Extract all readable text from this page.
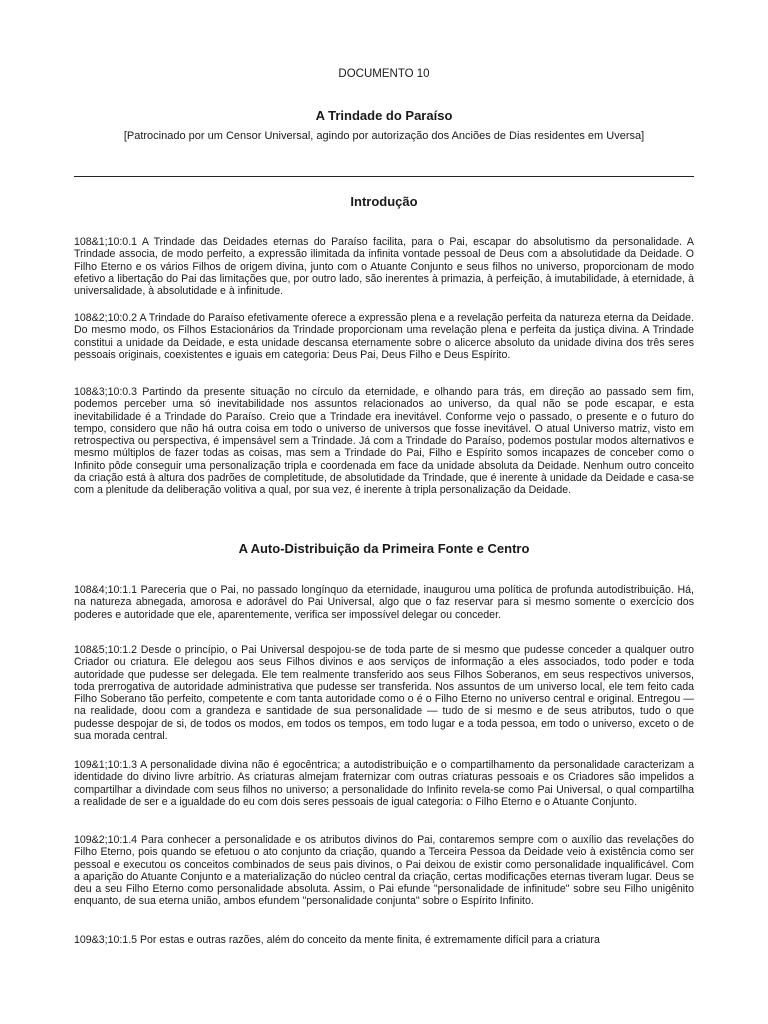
DOCUMENTO 10
A Trindade do Paraíso
[Patrocinado por um Censor Universal, agindo por autorização dos Anciões de Dias residentes em Uversa]
Introdução

108&1;10:0.1 A Trindade das Deidades eternas do Paraíso facilita, para o Pai, escapar do absolutismo da personalidade. A Trindade associa, de modo perfeito, a expressão ilimitada da infinita vontade pessoal de Deus com a absolutidade da Deidade. O Filho Eterno e os vários Filhos de origem divina, junto com o Atuante Conjunto e seus filhos no universo, proporcionam de modo efetivo a libertação do Pai das limitações que, por outro lado, são inerentes à primazia, à perfeição, à imutabilidade, à eternidade, à universalidade, à absolutidade e à infinitude.

108&2;10:0.2 A Trindade do Paraíso efetivamente oferece a expressão plena e a revelação perfeita da natureza eterna da Deidade. Do mesmo modo, os Filhos Estacionários da Trindade proporcionam uma revelação plena e perfeita da justiça divina. A Trindade constitui a unidade da Deidade, e esta unidade descansa eternamente sobre o alicerce absoluto da unidade divina dos três seres pessoais originais, coexistentes e iguais em categoria: Deus Pai, Deus Filho e Deus Espírito.

108&3;10:0.3 Partindo da presente situação no círculo da eternidade, e olhando para trás, em direção ao passado sem fim, podemos perceber uma só inevitabilidade nos assuntos relacionados ao universo, da qual não se pode escapar, e esta inevitabilidade é a Trindade do Paraíso. Creio que a Trindade era inevitável. Conforme vejo o passado, o presente e o futuro do tempo, considero que não há outra coisa em todo o universo de universos que fosse inevitável. O atual Universo matriz, visto em retrospectiva ou perspectiva, é impensável sem a Trindade. Já com a Trindade do Paraíso, podemos postular modos alternativos e mesmo múltiplos de fazer todas as coisas, mas sem a Trindade do Pai, Filho e Espírito somos incapazes de conceber como o Infinito pôde conseguir uma personalização tripla e coordenada em face da unidade absoluta da Deidade. Nenhum outro conceito da criação está à altura dos padrões de completitude, de absolutidade da Trindade, que é inerente à unidade da Deidade e casa-se com a plenitude da deliberação volitiva a qual, por sua vez, é inerente à tripla personalização da Deidade.

A Auto-Distribuição da Primeira Fonte e Centro

108&4;10:1.1 Pareceria que o Pai, no passado longínquo da eternidade, inaugurou uma política de profunda autodistribuição. Há, na natureza abnegada, amorosa e adorável do Pai Universal, algo que o faz reservar para si mesmo somente o exercício dos poderes e autoridade que ele, aparentemente, verifica ser impossível delegar ou conceder.

108&5;10:1.2 Desde o princípio, o Pai Universal despojou-se de toda parte de si mesmo que pudesse conceder a qualquer outro Criador ou criatura. Ele delegou aos seus Filhos divinos e aos serviços de informação a eles associados, todo poder e toda autoridade que pudesse ser delegada. Ele tem realmente transferido aos seus Filhos Soberanos, em seus respectivos universos, toda prerrogativa de autoridade administrativa que pudesse ser transferida. Nos assuntos de um universo local, ele tem feito cada Filho Soberano tão perfeito, competente e com tanta autoridade como o é o Filho Eterno no universo central e original. Entregou — na realidade, doou com a grandeza e santidade de sua personalidade — tudo de si mesmo e de seus atributos, tudo o que pudesse despojar de si, de todos os modos, em todos os tempos, em todo lugar e a toda pessoa, em todo o universo, exceto o de sua morada central.

109&1;10:1.3 A personalidade divina não é egocêntrica; a autodistribuição e o compartilhamento da personalidade caracterizam a identidade do divino livre arbítrio. As criaturas almejam fraternizar com outras criaturas pessoais e os Criadores são impelidos a compartilhar a divindade com seus filhos no universo; a personalidade do Infinito revela-se como Pai Universal, o qual compartilha a realidade de ser e a igualdade do eu com dois seres pessoais de igual categoria: o Filho Eterno e o Atuante Conjunto.

109&2;10:1.4 Para conhecer a personalidade e os atributos divinos do Pai, contaremos sempre com o auxílio das revelações do Filho Eterno, pois quando se efetuou o ato conjunto da criação, quando a Terceira Pessoa da Deidade veio à existência como ser pessoal e executou os conceitos combinados de seus pais divinos, o Pai deixou de existir como personalidade inqualificável. Com a aparição do Atuante Conjunto e a materialização do núcleo central da criação, certas modificações eternas tiveram lugar. Deus se deu a seu Filho Eterno como personalidade absoluta. Assim, o Pai efunde "personalidade de infinitude" sobre seu Filho unigênito enquanto, de sua eterna união, ambos efundem "personalidade conjunta" sobre o Espírito Infinito.

109&3;10:1.5 Por estas e outras razões, além do conceito da mente finita, é extremamente difícil para a criatura
